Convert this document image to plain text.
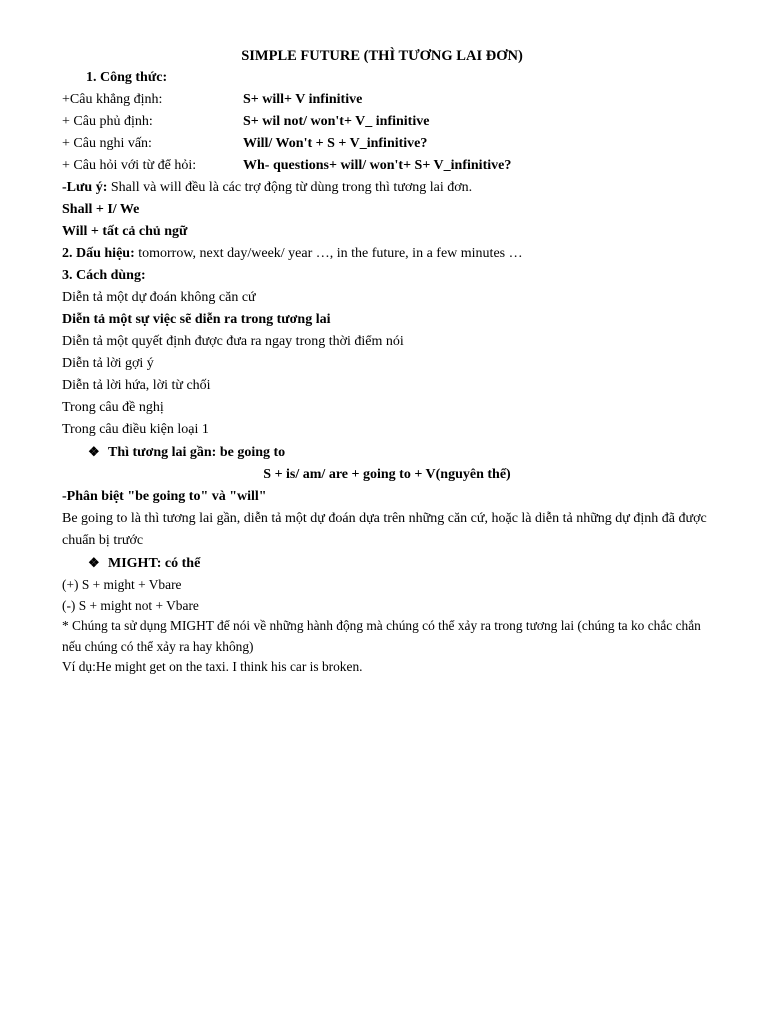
SIMPLE FUTURE (THÌ TƯƠNG LAI ĐƠN)
1. Công thức:
+Câu khẳng định:	S+ will+ V infinitive
+ Câu phủ định:	S+ wil not/ won't+ V_ infinitive
+ Câu nghi vấn:	Will/ Won't + S + V_infinitive?
+ Câu hỏi với từ để hỏi:	Wh- questions+ will/ won't+ S+ V_infinitive?
-Lưu ý: Shall và will đều là các trợ động từ dùng trong thì tương lai đơn.
Shall + I/ We
Will + tất cả chủ ngữ
2. Dấu hiệu: tomorrow, next day/week/ year …, in the future, in a few minutes …
3. Cách dùng:
Diễn tả một dự đoán không căn cứ
Diễn tả một sự việc sẽ diễn ra trong tương lai
Diễn tả một quyết định được đưa ra ngay trong thời điểm nói
Diễn tả lời gợi ý
Diễn tả lời hứa, lời từ chối
Trong câu đề nghị
Trong câu điều kiện loại 1
❖ Thì tương lai gần: be going to
S + is/ am/ are + going to + V(nguyên thể)
-Phân biệt "be going to" và "will"
Be going to là thì tương lai gần, diễn tả một dự đoán dựa trên những căn cứ, hoặc là diễn tả những dự định đã được chuẩn bị trước
❖ MIGHT: có thể
(+) S + might + Vbare
(-) S + might not + Vbare
* Chúng ta sử dụng MIGHT để nói về những hành động mà chúng có thể xảy ra trong tương lai (chúng ta ko chắc chắn nếu chúng có thể xảy ra hay không)
Ví dụ:He might get on the taxi. I think his car is broken.
